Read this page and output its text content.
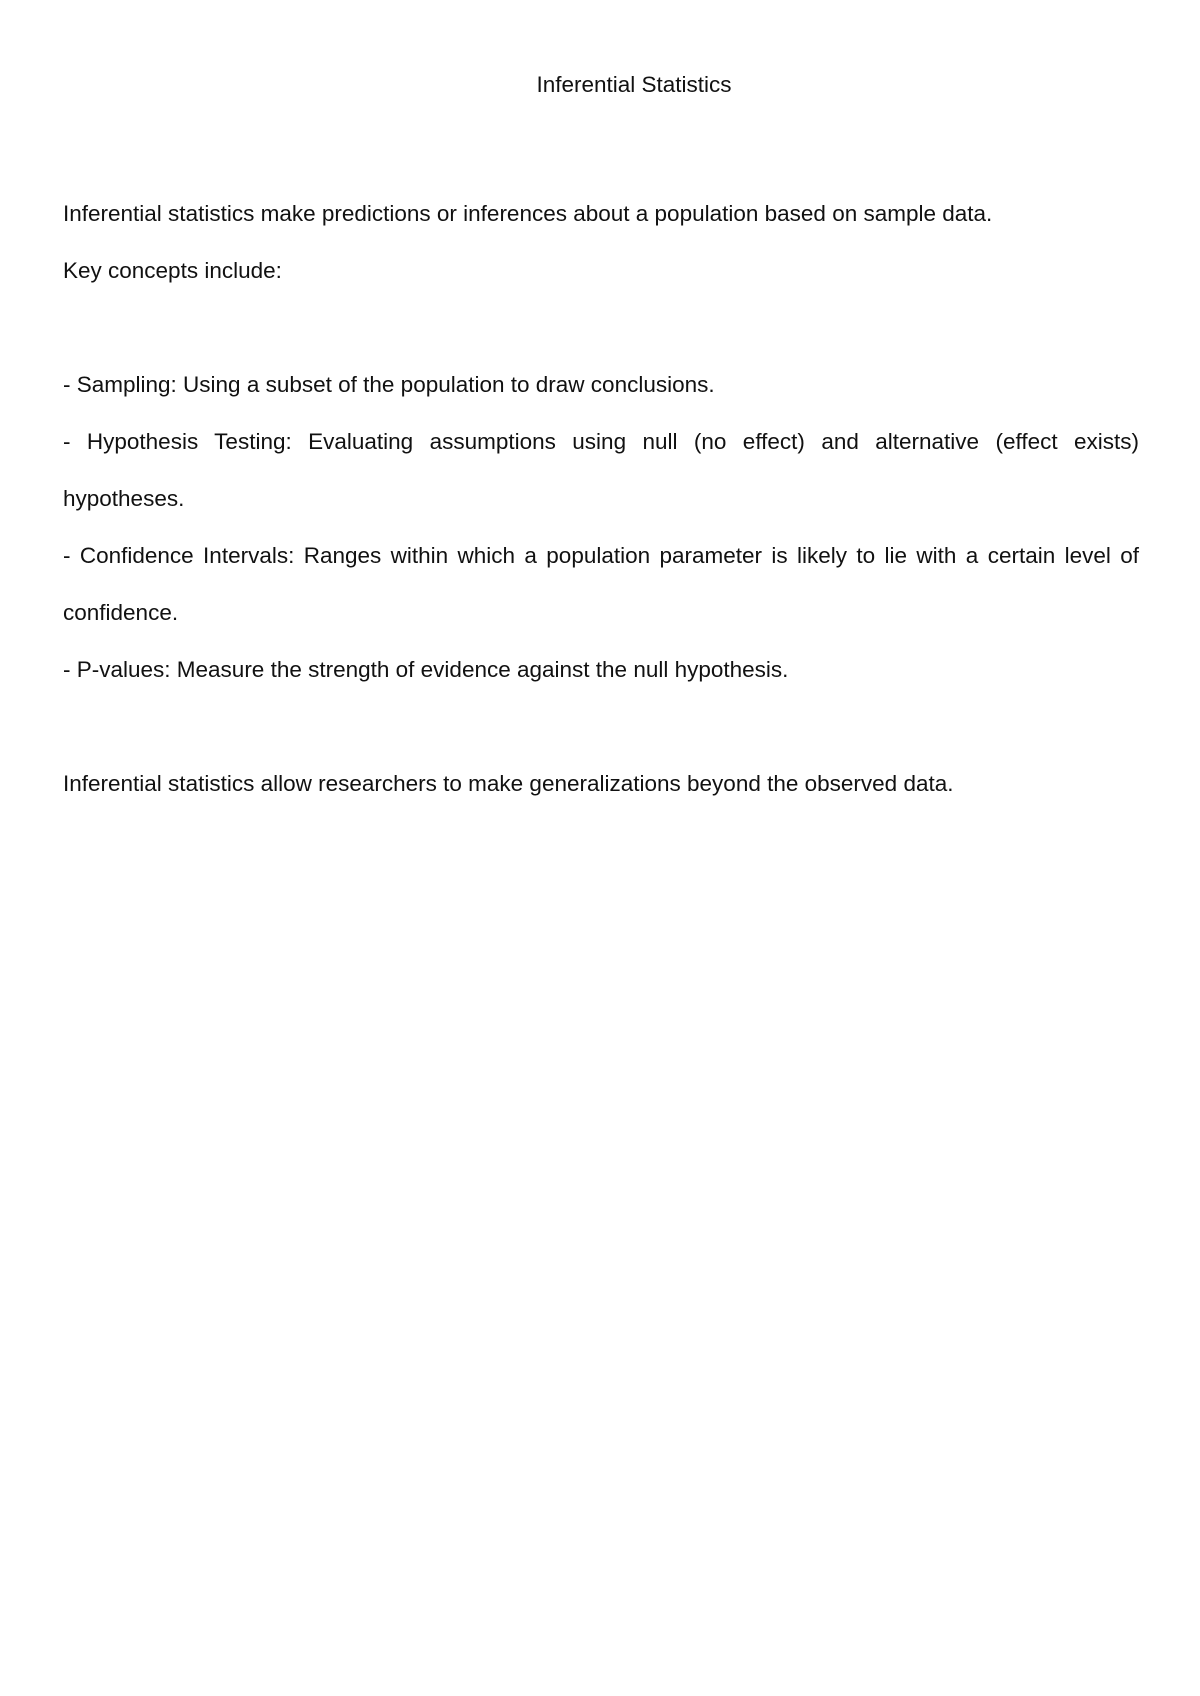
Inferential Statistics

Inferential statistics make predictions or inferences about a population based on sample data.

Key concepts include:

- Sampling: Using a subset of the population to draw conclusions.

- Hypothesis Testing: Evaluating assumptions using null (no effect) and alternative (effect exists) hypotheses.

- Confidence Intervals: Ranges within which a population parameter is likely to lie with a certain level of confidence.

- P-values: Measure the strength of evidence against the null hypothesis.

Inferential statistics allow researchers to make generalizations beyond the observed data.
